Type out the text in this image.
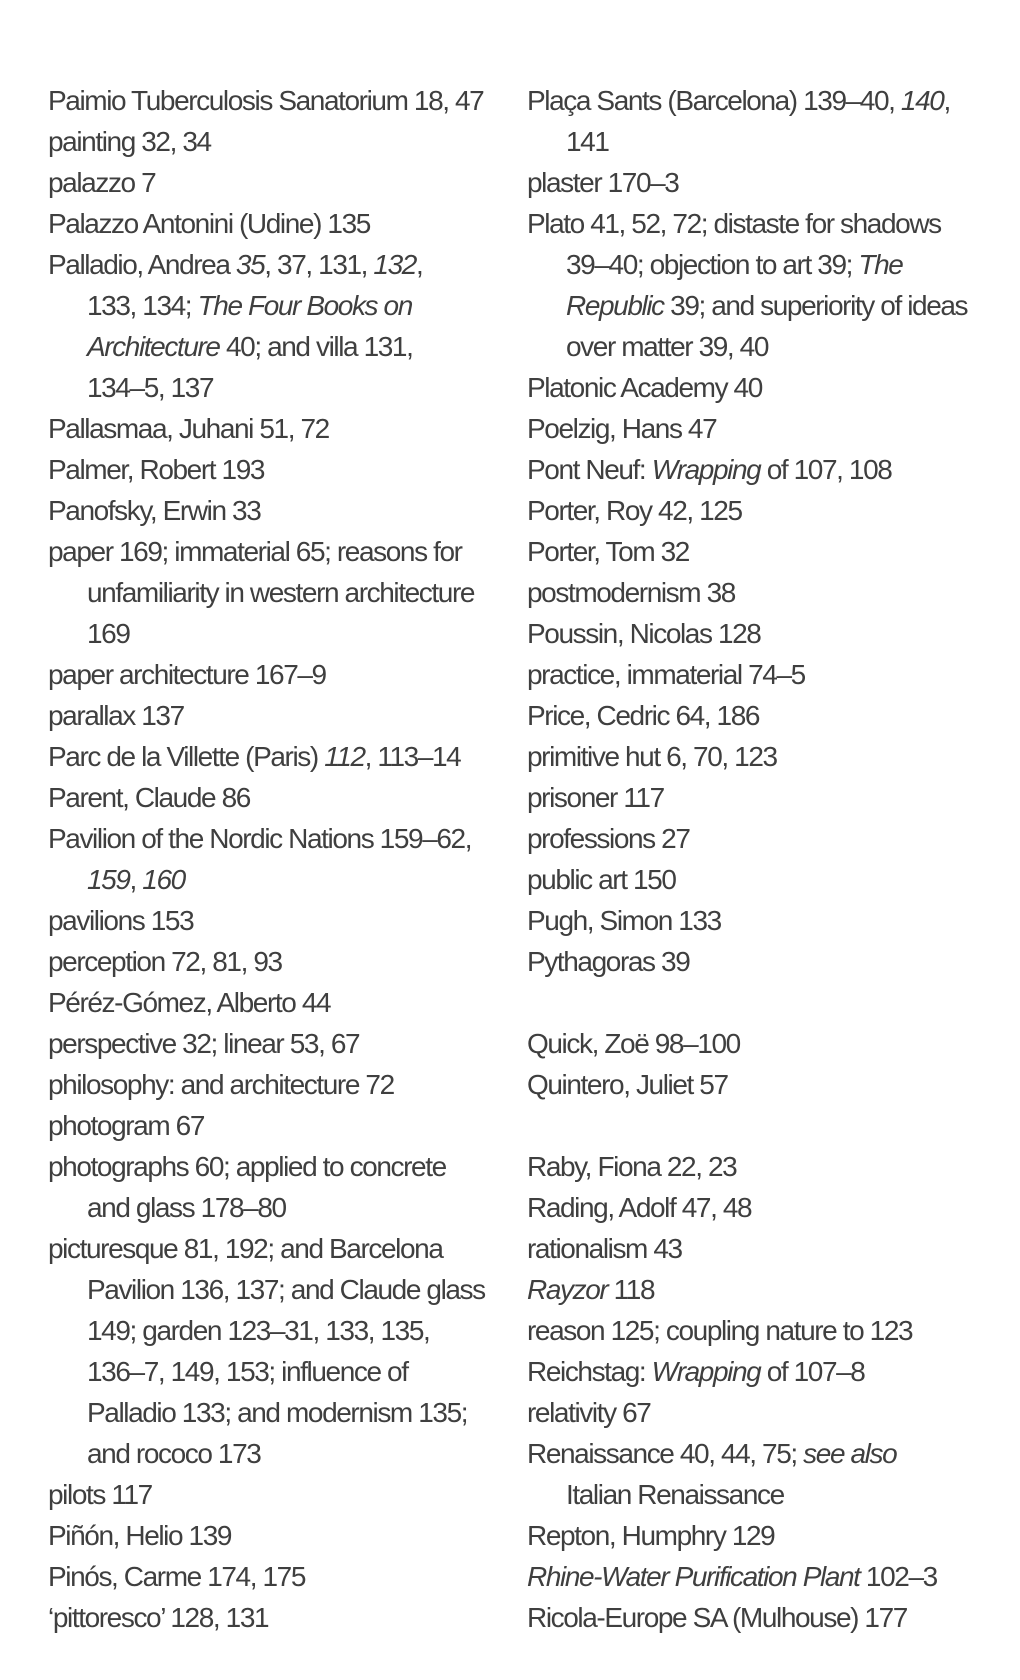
Paimio Tuberculosis Sanatorium 18, 47
painting 32, 34
palazzo 7
Palazzo Antonini (Udine) 135
Palladio, Andrea 35, 37, 131, 132,
133, 134; The Four Books on
Architecture 40; and villa 131,
134–5, 137
Pallasmaa, Juhani 51, 72
Palmer, Robert 193
Panofsky, Erwin 33
paper 169; immaterial 65; reasons for
unfamiliarity in western architecture
169
paper architecture 167–9
parallax 137
Parc de la Villette (Paris) 112, 113–14
Parent, Claude 86
Pavilion of the Nordic Nations 159–62,
159, 160
pavilions 153
perception 72, 81, 93
Péréz-Gómez, Alberto 44
perspective 32; linear 53, 67
philosophy: and architecture 72
photogram 67
photographs 60; applied to concrete
and glass 178–80
picturesque 81, 192; and Barcelona
Pavilion 136, 137; and Claude glass
149; garden 123–31, 133, 135,
136–7, 149, 153; influence of
Palladio 133; and modernism 135;
and rococo 173
pilots 117
Piñón, Helio 139
Pinós, Carme 174, 175
‘pittoresco’ 128, 131
Plaça Sants (Barcelona) 139–40, 140,
141
plaster 170–3
Plato 41, 52, 72; distaste for shadows
39–40; objection to art 39; The
Republic 39; and superiority of ideas
over matter 39, 40
Platonic Academy 40
Poelzig, Hans 47
Pont Neuf: Wrapping of 107, 108
Porter, Roy 42, 125
Porter, Tom 32
postmodernism 38
Poussin, Nicolas 128
practice, immaterial 74–5
Price, Cedric 64, 186
primitive hut 6, 70, 123
prisoner 117
professions 27
public art 150
Pugh, Simon 133
Pythagoras 39
Quick, Zoë 98–100
Quintero, Juliet 57
Raby, Fiona 22, 23
Rading, Adolf 47, 48
rationalism 43
Rayzor 118
reason 125; coupling nature to 123
Reichstag: Wrapping of 107–8
relativity 67
Renaissance 40, 44, 75; see also
Italian Renaissance
Repton, Humphry 129
Rhine-Water Purification Plant 102–3
Ricola-Europe SA (Mulhouse) 177
